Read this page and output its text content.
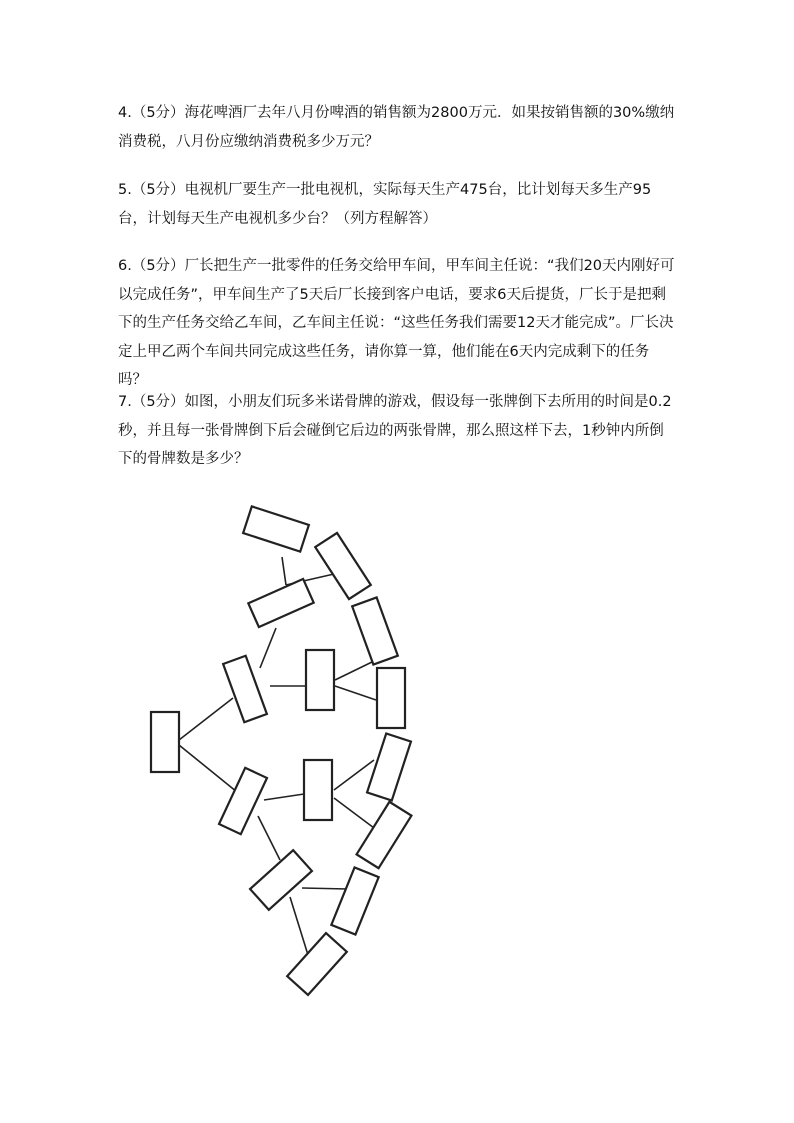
4.（5分）海花啤酒厂去年八月份啤酒的销售额为2800万元．如果按销售额的30%缴纳消费税，八月份应缴纳消费税多少万元？

5.（5分）电视机厂要生产一批电视机，实际每天生产475台，比计划每天多生产95台，计划每天生产电视机多少台？（列方程解答）

6.（5分）厂长把生产一批零件的任务交给甲车间，甲车间主任说：“我们20天内刚好可以完成任务”，甲车间生产了5天后厂长接到客户电话，要求6天后提货，厂长于是把剩下的生产任务交给乙车间，乙车间主任说：“这些任务我们需要12天才能完成”。厂长决定上甲乙两个车间共同完成这些任务，请你算一算，他们能在6天内完成剩下的任务吗？

7.（5分）如图，小朋友们玩多米诺骨牌的游戏，假设每一张牌倒下去所用的时间是0.2秒，并且每一张骨牌倒下后会碰倒它后边的两张骨牌，那么照这样下去，1秒钟内所倒下的骨牌数是多少？
